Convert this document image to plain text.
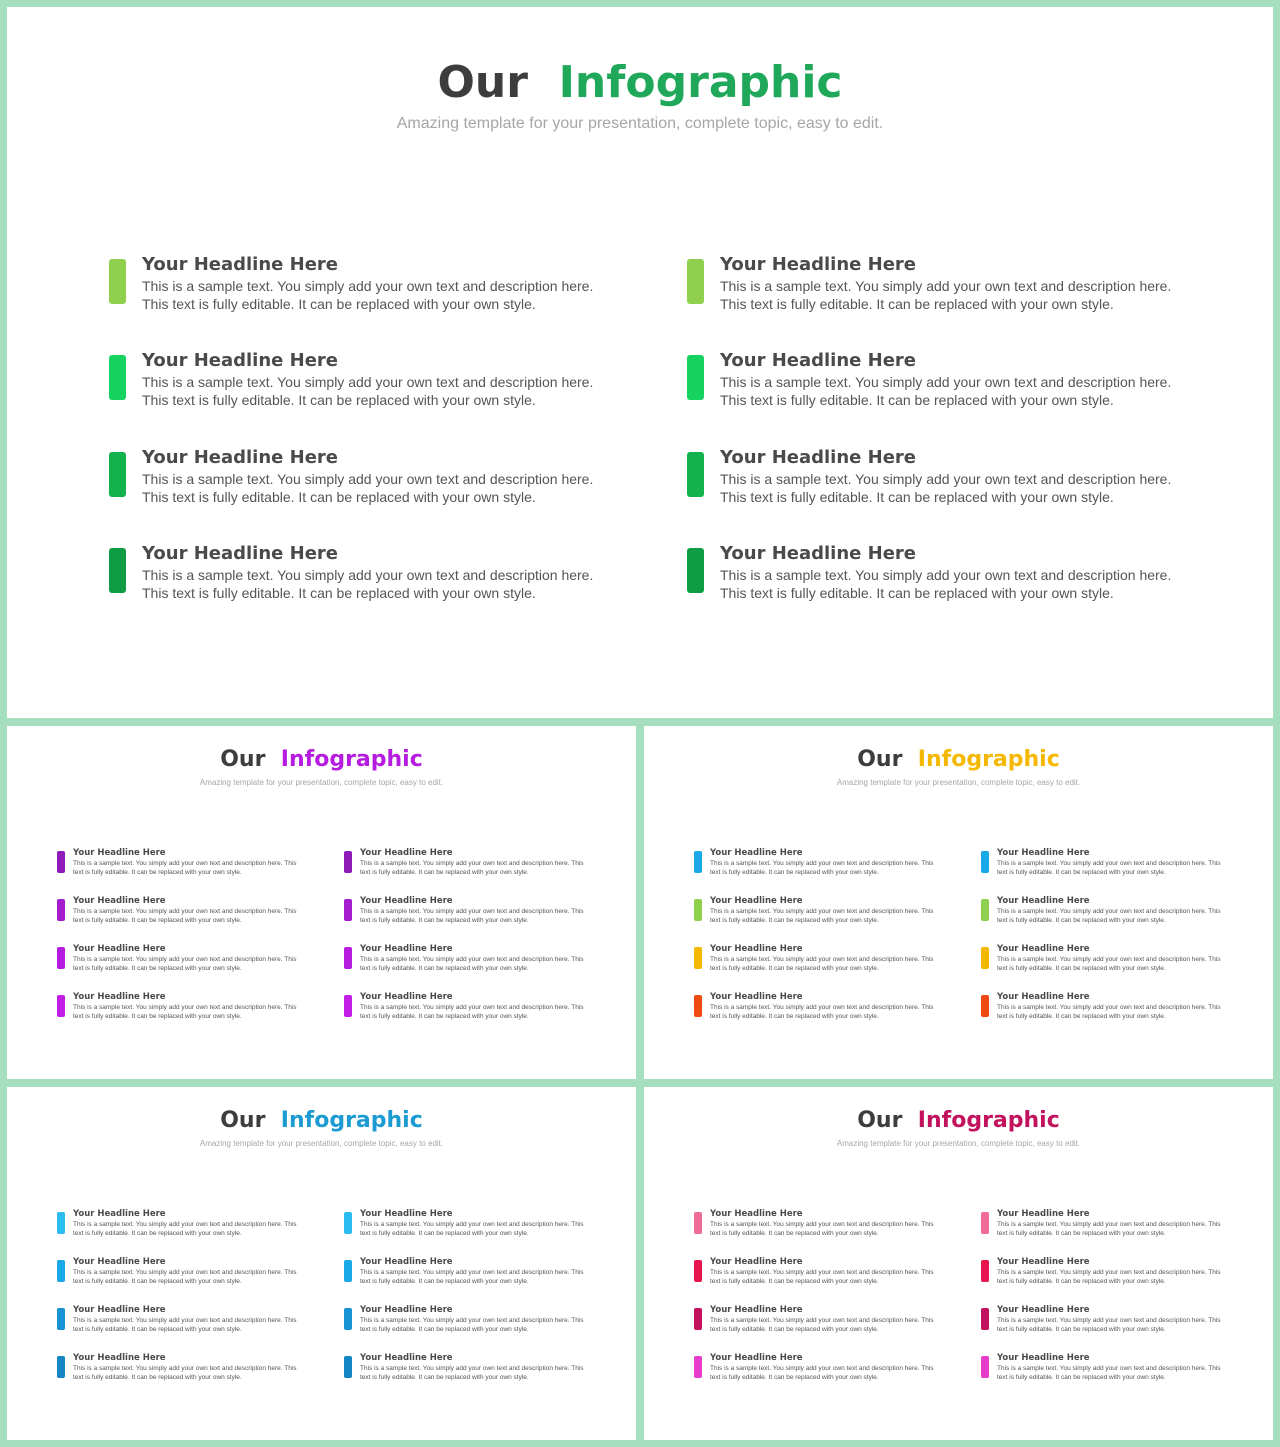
Our Infographic
Amazing template for your presentation, complete topic, easy to edit.
Your Headline Here
This is a sample text. You simply add your own text and description here. This text is fully editable. It can be replaced with your own style.
Your Headline Here
This is a sample text. You simply add your own text and description here. This text is fully editable. It can be replaced with your own style.
Your Headline Here
This is a sample text. You simply add your own text and description here. This text is fully editable. It can be replaced with your own style.
Your Headline Here
This is a sample text. You simply add your own text and description here. This text is fully editable. It can be replaced with your own style.
Your Headline Here
This is a sample text. You simply add your own text and description here. This text is fully editable. It can be replaced with your own style.
Your Headline Here
This is a sample text. You simply add your own text and description here. This text is fully editable. It can be replaced with your own style.
Your Headline Here
This is a sample text. You simply add your own text and description here. This text is fully editable. It can be replaced with your own style.
Your Headline Here
This is a sample text. You simply add your own text and description here. This text is fully editable. It can be replaced with your own style.
Our Infographic
Amazing template for your presentation, complete topic, easy to edit.
Your Headline Here
This is a sample text. You simply add your own text and description here. This text is fully editable. It can be replaced with your own style.
Your Headline Here
This is a sample text. You simply add your own text and description here. This text is fully editable. It can be replaced with your own style.
Your Headline Here
This is a sample text. You simply add your own text and description here. This text is fully editable. It can be replaced with your own style.
Your Headline Here
This is a sample text. You simply add your own text and description here. This text is fully editable. It can be replaced with your own style.
Your Headline Here
This is a sample text. You simply add your own text and description here. This text is fully editable. It can be replaced with your own style.
Your Headline Here
This is a sample text. You simply add your own text and description here. This text is fully editable. It can be replaced with your own style.
Your Headline Here
This is a sample text. You simply add your own text and description here. This text is fully editable. It can be replaced with your own style.
Your Headline Here
This is a sample text. You simply add your own text and description here. This text is fully editable. It can be replaced with your own style.
Our Infographic
Amazing template for your presentation, complete topic, easy to edit.
Your Headline Here
This is a sample text. You simply add your own text and description here. This text is fully editable. It can be replaced with your own style.
Your Headline Here
This is a sample text. You simply add your own text and description here. This text is fully editable. It can be replaced with your own style.
Your Headline Here
This is a sample text. You simply add your own text and description here. This text is fully editable. It can be replaced with your own style.
Your Headline Here
This is a sample text. You simply add your own text and description here. This text is fully editable. It can be replaced with your own style.
Your Headline Here
This is a sample text. You simply add your own text and description here. This text is fully editable. It can be replaced with your own style.
Your Headline Here
This is a sample text. You simply add your own text and description here. This text is fully editable. It can be replaced with your own style.
Your Headline Here
This is a sample text. You simply add your own text and description here. This text is fully editable. It can be replaced with your own style.
Your Headline Here
This is a sample text. You simply add your own text and description here. This text is fully editable. It can be replaced with your own style.
Our Infographic
Amazing template for your presentation, complete topic, easy to edit.
Your Headline Here
This is a sample text. You simply add your own text and description here. This text is fully editable. It can be replaced with your own style.
Your Headline Here
This is a sample text. You simply add your own text and description here. This text is fully editable. It can be replaced with your own style.
Your Headline Here
This is a sample text. You simply add your own text and description here. This text is fully editable. It can be replaced with your own style.
Your Headline Here
This is a sample text. You simply add your own text and description here. This text is fully editable. It can be replaced with your own style.
Your Headline Here
This is a sample text. You simply add your own text and description here. This text is fully editable. It can be replaced with your own style.
Your Headline Here
This is a sample text. You simply add your own text and description here. This text is fully editable. It can be replaced with your own style.
Your Headline Here
This is a sample text. You simply add your own text and description here. This text is fully editable. It can be replaced with your own style.
Your Headline Here
This is a sample text. You simply add your own text and description here. This text is fully editable. It can be replaced with your own style.
Our Infographic
Amazing template for your presentation, complete topic, easy to edit.
Your Headline Here
This is a sample text. You simply add your own text and description here. This text is fully editable. It can be replaced with your own style.
Your Headline Here
This is a sample text. You simply add your own text and description here. This text is fully editable. It can be replaced with your own style.
Your Headline Here
This is a sample text. You simply add your own text and description here. This text is fully editable. It can be replaced with your own style.
Your Headline Here
This is a sample text. You simply add your own text and description here. This text is fully editable. It can be replaced with your own style.
Your Headline Here
This is a sample text. You simply add your own text and description here. This text is fully editable. It can be replaced with your own style.
Your Headline Here
This is a sample text. You simply add your own text and description here. This text is fully editable. It can be replaced with your own style.
Your Headline Here
This is a sample text. You simply add your own text and description here. This text is fully editable. It can be replaced with your own style.
Your Headline Here
This is a sample text. You simply add your own text and description here. This text is fully editable. It can be replaced with your own style.
